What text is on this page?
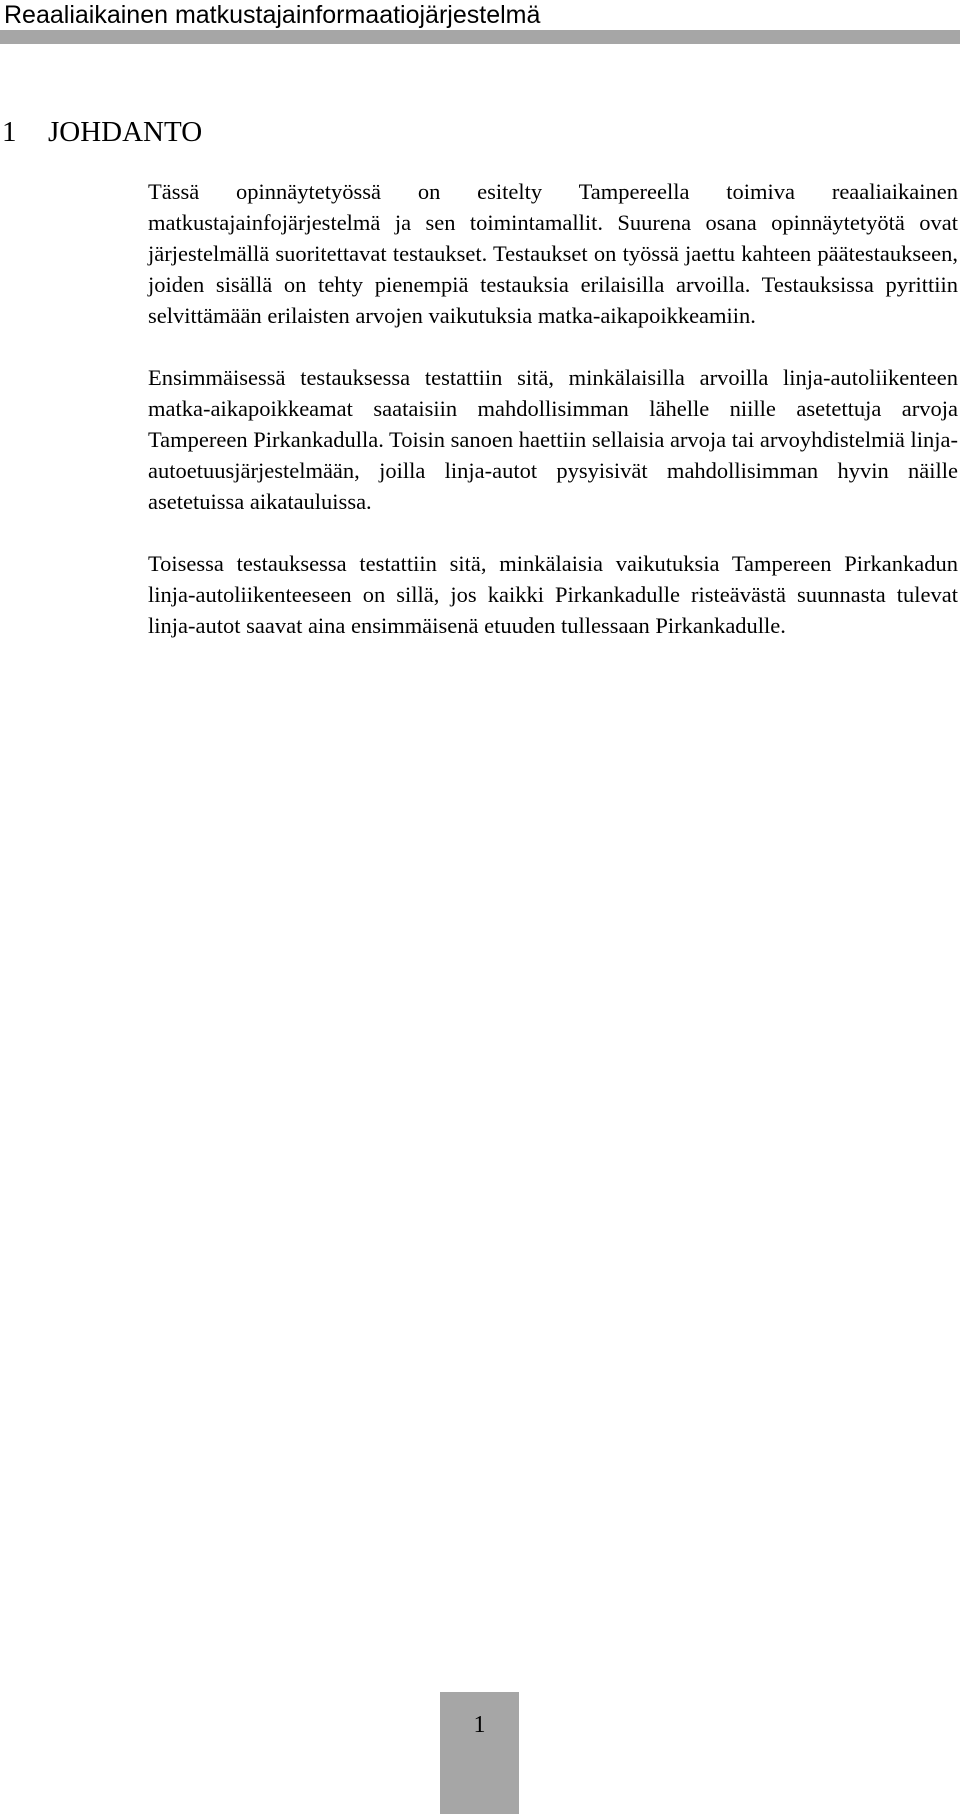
Reaaliaikainen matkustajainformaatiojärjestelmä
1 JOHDANTO

Tässä opinnäytetyössä on esitelty Tampereella toimiva reaaliaikainen matkustajainfojärjestelmä ja sen toimintamallit. Suurena osana opinnäytetyötä ovat järjestelmällä suoritettavat testaukset. Testaukset on työssä jaettu kahteen päätestaukseen, joiden sisällä on tehty pienempiä testauksia erilaisilla arvoilla. Testauksissa pyrittiin selvittämään erilaisten arvojen vaikutuksia matka-aikapoikkeamiin.

Ensimmäisessä testauksessa testattiin sitä, minkälaisilla arvoilla linja-autoliikenteen matka-aikapoikkeamat saataisiin mahdollisimman lähelle niille asetettuja arvoja Tampereen Pirkankadulla. Toisin sanoen haettiin sellaisia arvoja tai arvoyhdistelmiä linja-autoetuusjärjestelmään, joilla linja-autot pysyisivät mahdollisimman hyvin näille asetetuissa aikatauluissa.

Toisessa testauksessa testattiin sitä, minkälaisia vaikutuksia Tampereen Pirkankadun linja-autoliikenteeseen on sillä, jos kaikki Pirkankadulle risteävästä suunnasta tulevat linja-autot saavat aina ensimmäisenä etuuden tullessaan Pirkankadulle.

1
